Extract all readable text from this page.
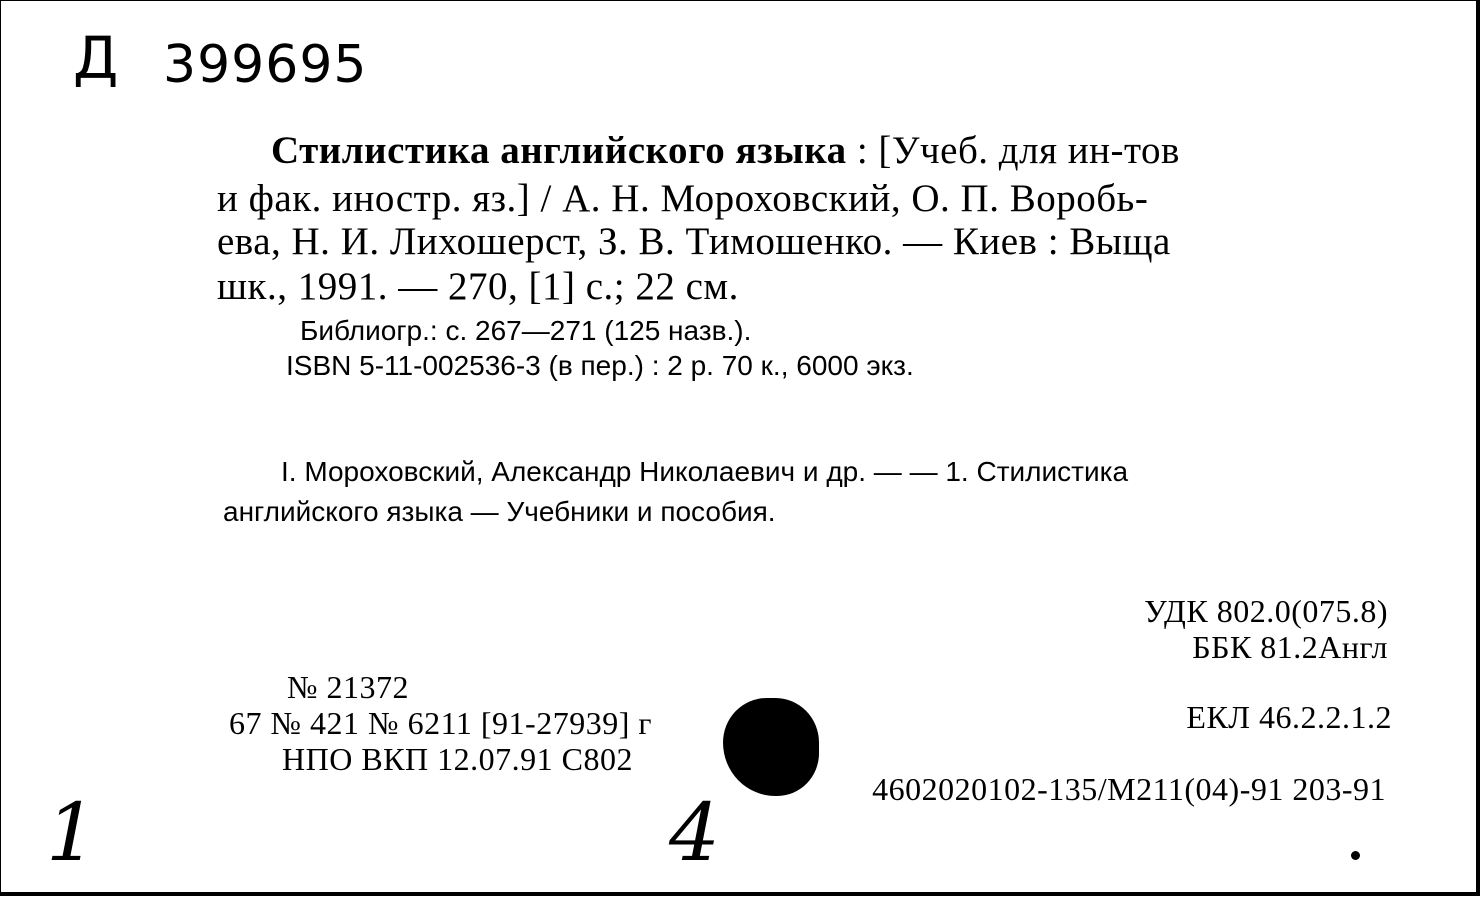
Д 399695
Стилистика английского языка : [Учеб. для ин-тов
и фак. иностр. яз.] / А. Н. Мороховский, О. П. Воробь-
ева, Н. И. Лихошерст, З. В. Тимошенко. — Киев : Выща
шк., 1991. — 270, [1] с.; 22 см.
Библиогр.: с. 267—271 (125 назв.).
ISBN 5-11-002536-3 (в пер.) : 2 р. 70 к., 6000 экз.
I. Мороховский, Александр Николаевич и др. — — 1. Стилистика
английского языка — Учебники и пособия.
УДК 802.0(075.8)
ББК 81.2Англ
ЕКЛ 46.2.2.1.2
4602020102-135/М211(04)-91 203-91
№ 21372
67 № 421 № 6211 [91-27939] г
НПО ВКП 12.07.91 С802
1	4
